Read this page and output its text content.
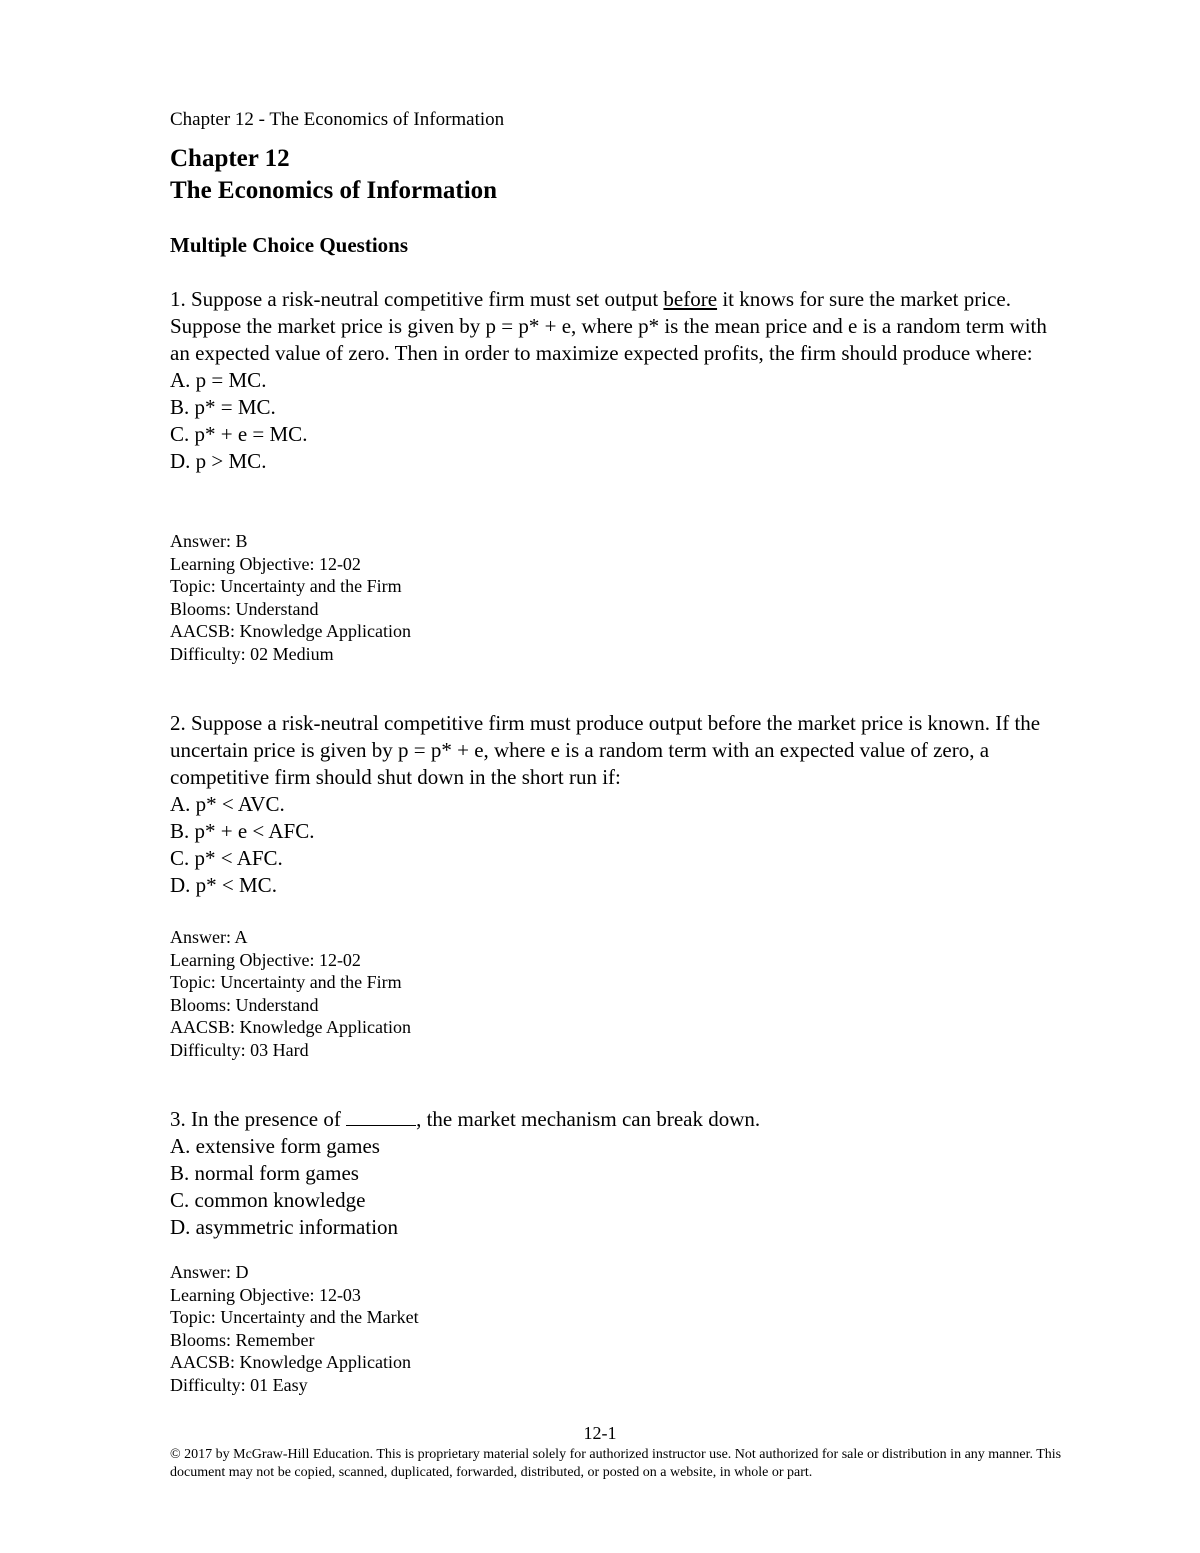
Chapter 12 - The Economics of Information
Chapter 12
The Economics of Information
Multiple Choice Questions
1. Suppose a risk-neutral competitive firm must set output before it knows for sure the market price. Suppose the market price is given by p = p* + e, where p* is the mean price and e is a random term with an expected value of zero. Then in order to maximize expected profits, the firm should produce where:
A. p = MC.
B. p* = MC.
C. p* + e = MC.
D. p > MC.
Answer: B
Learning Objective: 12-02
Topic: Uncertainty and the Firm
Blooms: Understand
AACSB: Knowledge Application
Difficulty: 02 Medium
2. Suppose a risk-neutral competitive firm must produce output before the market price is known. If the uncertain price is given by p = p* + e, where e is a random term with an expected value of zero, a competitive firm should shut down in the short run if:
A. p* < AVC.
B. p* + e < AFC.
C. p* < AFC.
D. p* < MC.
Answer: A
Learning Objective: 12-02
Topic: Uncertainty and the Firm
Blooms: Understand
AACSB: Knowledge Application
Difficulty: 03 Hard
3. In the presence of	, the market mechanism can break down.
A. extensive form games
B. normal form games
C. common knowledge
D. asymmetric information
Answer: D
Learning Objective: 12-03
Topic: Uncertainty and the Market
Blooms: Remember
AACSB: Knowledge Application
Difficulty: 01 Easy
12-1
© 2017 by McGraw-Hill Education. This is proprietary material solely for authorized instructor use. Not authorized for sale or distribution in any manner. This document may not be copied, scanned, duplicated, forwarded, distributed, or posted on a website, in whole or part.
